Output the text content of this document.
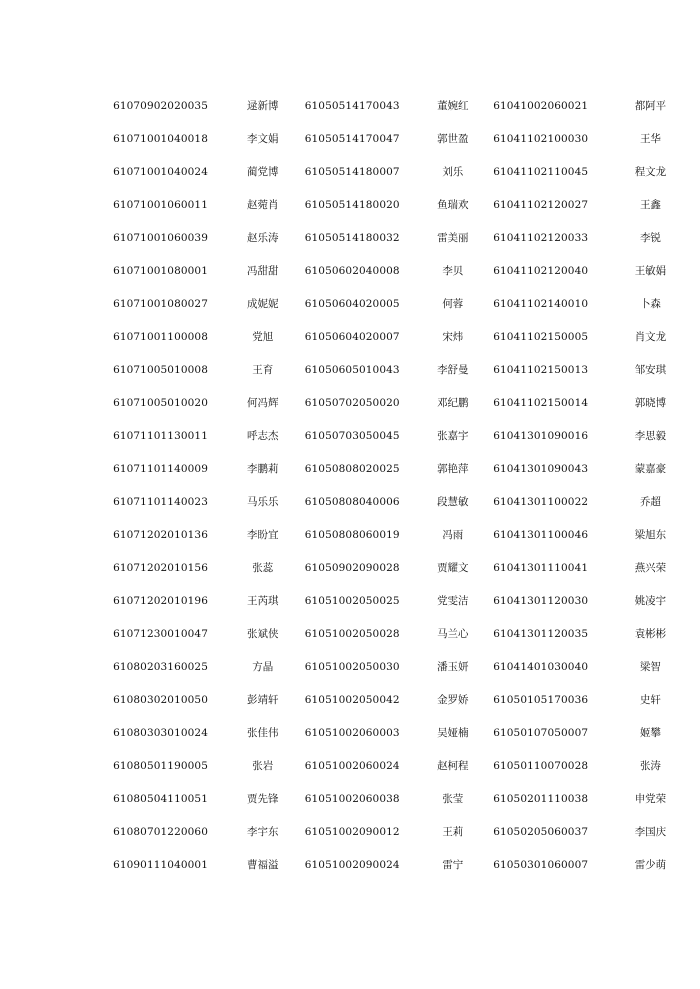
	61070902020035	逯新博	61050514170043	董婉红	61041002060021	都阿平
	61071001040018	李文娟	61050514170047	郭世盈	61041102100030	王华
	61071001040024	蔺党博	61050514180007	刘乐	61041102110045	程文龙
	61071001060011	赵菀肖	61050514180020	鱼瑞欢	61041102120027	王鑫
	61071001060039	赵乐涛	61050514180032	雷美丽	61041102120033	李锐
	61071001080001	冯甜甜	61050602040008	李贝	61041102120040	王敏娟
	61071001080027	成妮妮	61050604020005	何蓉	61041102140010	卜森
	61071001100008	党旭	61050604020007	宋炜	61041102150005	肖文龙
	61071005010008	王育	61050605010043	李舒曼	61041102150013	邹安琪
	61071005010020	何冯辉	61050702050020	邓纪鹏	61041102150014	郭晓博
	61071101130011	呼志杰	61050703050045	张嘉宇	61041301090016	李思毅
	61071101140009	李鹏莉	61050808020025	郭艳萍	61041301090043	蒙嘉豪
	61071101140023	马乐乐	61050808040006	段慧敏	61041301100022	乔超
	61071202010136	李盼宜	61050808060019	冯雨	61041301100046	梁旭东
	61071202010156	张蕊	61050902090028	贾耀文	61041301110041	燕兴荣
	61071202010196	王芮琪	61051002050025	党雯洁	61041301120030	姚凌宇
	61071230010047	张斌侠	61051002050028	马兰心	61041301120035	袁彬彬
	61080203160025	方晶	61051002050030	潘玉妍	61041401030040	梁智
	61080302010050	彭靖轩	61051002050042	金罗娇	61050105170036	史轩
	61080303010024	张佳伟	61051002060003	吴娅楠	61050107050007	姬攀
	61080501190005	张岩	61051002060024	赵柯程	61050110070028	张涛
	61080504110051	贾先锋	61051002060038	张莹	61050201110038	申党荣
	61080701220060	李宇东	61051002090012	王莉	61050205060037	李国庆
	61090111040001	曹福溢	61051002090024	雷宁	61050301060007	雷少萌
